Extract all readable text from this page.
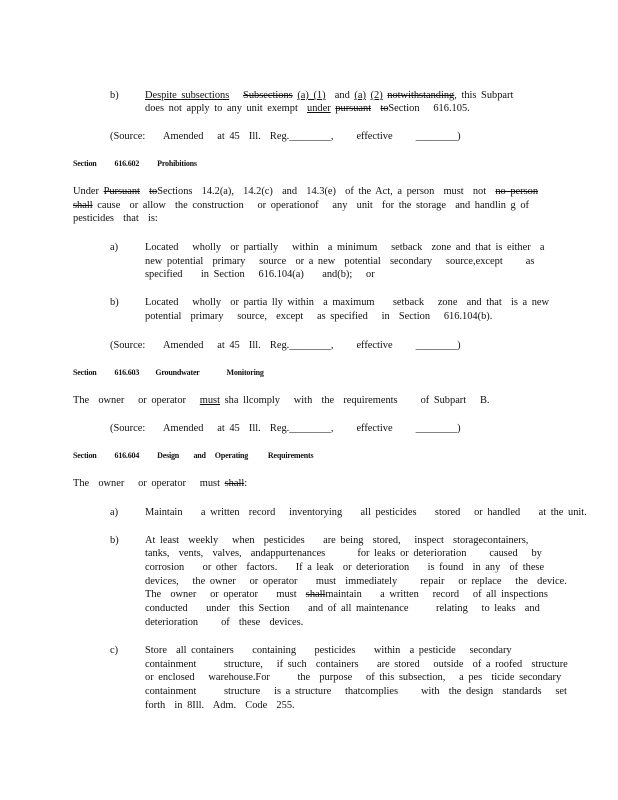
b)	Despite subsections Subsections (a) (1) and (a) (2) notwithstanding, this Subpart
does not apply to any unit exempt under pursuant toSection   616.105.
(Source: Amended   at 45  Ill.  Reg.________, effective ________)
Section 616.602 Prohibitions
Under Pursuant toSections  14.2(a),  14.2(c)  and  14.3(e)  of the Act, a person  must  not no person
shall cause  or allow  the construction   or operationof   any  unit  for the storage  and handlin g of
pesticides  that  is:
a)	Located   wholly  or partially   within  a minimum   setback  zone and that is either  a
new potential  primary   source  or a new  potential  secondary   source,except     as
specified    in Section   616.104(a)    and(b);   or
b)	Located   wholly  or partia lly within  a maximum    setback   zone  and that  is a new
potential  primary   source,  except   as specified   in  Section   616.104(b).
(Source: Amended   at 45  Ill.  Reg.________, effective ________)
Section 616.603 Groundwater	Monitoring
The  owner   or operator must sha llcomply   with  the  requirements     of Subpart   B.
(Source: Amended   at 45  Ill.  Reg.________, effective ________)
Section 616.604 Design and Operating Requirements
The  owner   or operator   must shall:
a)	Maintain    a written  record   inventorying    all pesticides    stored   or handled    at the unit.
b)	At least  weekly   when  pesticides    are being  stored,   inspect  storagecontainers,
tanks,  vents,  valves,  andappurtenances       for leaks or deterioration     caused   by
corrosion    or other  factors.    If a leak  or deterioration    is found  in any  of these
devices,   the owner   or operator    must  immediately     repair   or replace   the  device.
The  owner   or operator    must shallmaintain    a written   record   of all inspections
conducted    under  this Section    and of all maintenance      relating   to leaks  and
deterioration     of  these  devices.
c)	Store  all containers    containing    pesticides    within  a pesticide   secondary
containment      structure,   if such  containers    are stored   outside  of a roofed  structure
or enclosed   warehouse.For      the  purpose   of this subsection,   a pes  ticide secondary
containment      structure   is a structure   thatcomplies     with  the design  standards   set
forth  in 8Ill.  Adm.  Code  255.
